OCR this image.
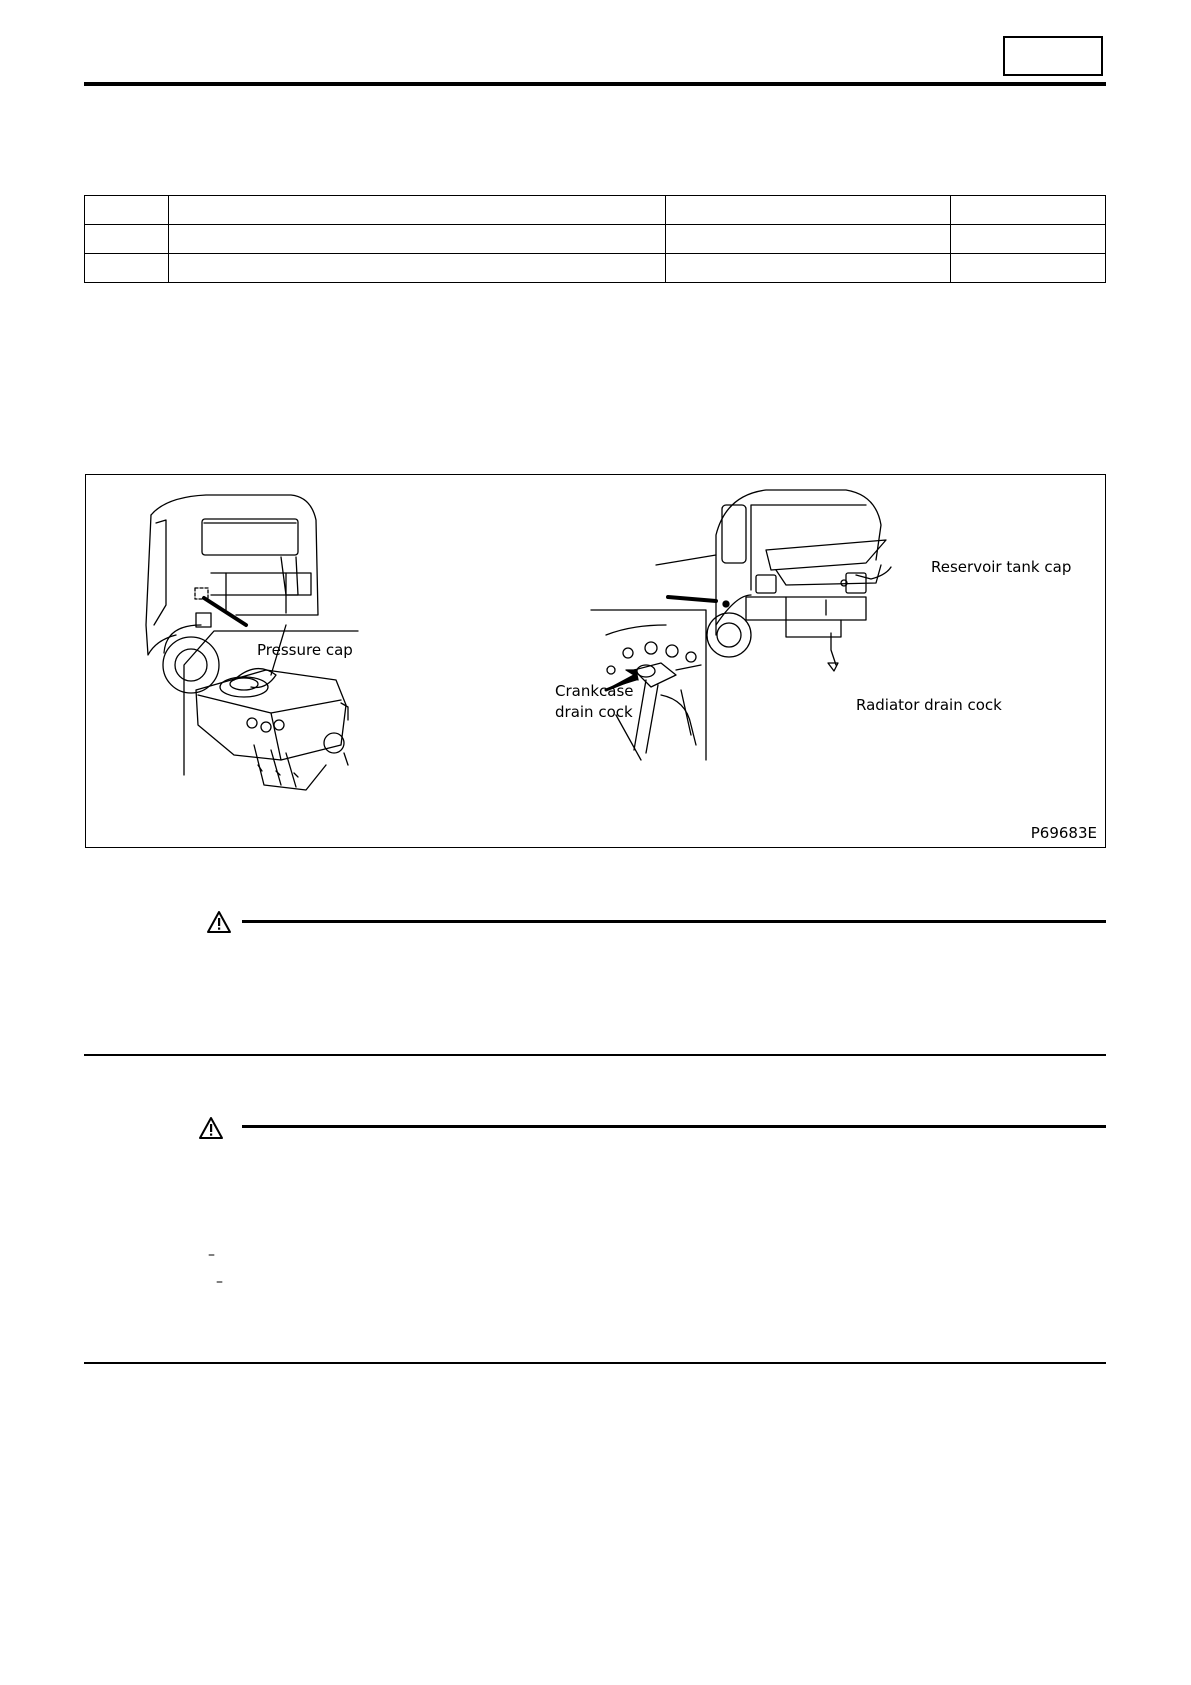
Pressure cap
Crankcase
drain cock
Reservoir tank cap
Radiator drain cock
P69683E
–
–
